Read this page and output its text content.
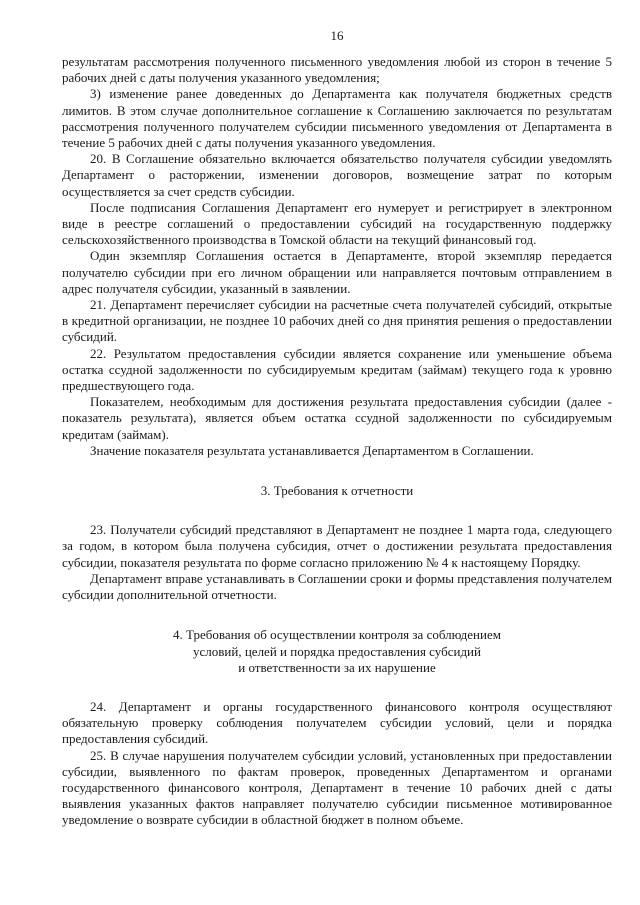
16

результатам рассмотрения полученного письменного уведомления любой из сторон в течение 5 рабочих дней с даты получения указанного уведомления;

3) изменение ранее доведенных до Департамента как получателя бюджетных средств лимитов. В этом случае дополнительное соглашение к Соглашению заключается по результатам рассмотрения полученного получателем субсидии письменного уведомления от Департамента в течение 5 рабочих дней с даты получения указанного уведомления.

20. В Соглашение обязательно включается обязательство получателя субсидии уведомлять Департамент о расторжении, изменении договоров, возмещение затрат по которым осуществляется за счет средств субсидии.

После подписания Соглашения Департамент его нумерует и регистрирует в электронном виде в реестре соглашений о предоставлении субсидий на государственную поддержку сельскохозяйственного производства в Томской области на текущий финансовый год.

Один экземпляр Соглашения остается в Департаменте, второй экземпляр передается получателю субсидии при его личном обращении или направляется почтовым отправлением в адрес получателя субсидии, указанный в заявлении.

21. Департамент перечисляет субсидии на расчетные счета получателей субсидий, открытые в кредитной организации, не позднее 10 рабочих дней со дня принятия решения о предоставлении субсидий.

22. Результатом предоставления субсидии является сохранение или уменьшение объема остатка ссудной задолженности по субсидируемым кредитам (займам) текущего года к уровню предшествующего года.

Показателем, необходимым для достижения результата предоставления субсидии (далее - показатель результата), является объем остатка ссудной задолженности по субсидируемым кредитам (займам).

Значение показателя результата устанавливается Департаментом в Соглашении.

3. Требования к отчетности

23. Получатели субсидий представляют в Департамент не позднее 1 марта года, следующего за годом, в котором была получена субсидия, отчет о достижении результата предоставления субсидии, показателя результата по форме согласно приложению № 4 к настоящему Порядку.

Департамент вправе устанавливать в Соглашении сроки и формы представления получателем субсидии дополнительной отчетности.

4. Требования об осуществлении контроля за соблюдением
условий, целей и порядка предоставления субсидий
и ответственности за их нарушение

24. Департамент и органы государственного финансового контроля осуществляют обязательную проверку соблюдения получателем субсидии условий, цели и порядка предоставления субсидий.

25. В случае нарушения получателем субсидии условий, установленных при предоставлении субсидии, выявленного по фактам проверок, проведенных Департаментом и органами государственного финансового контроля, Департамент в течение 10 рабочих дней с даты выявления указанных фактов направляет получателю субсидии письменное мотивированное уведомление о возврате субсидии в областной бюджет в полном объеме.
